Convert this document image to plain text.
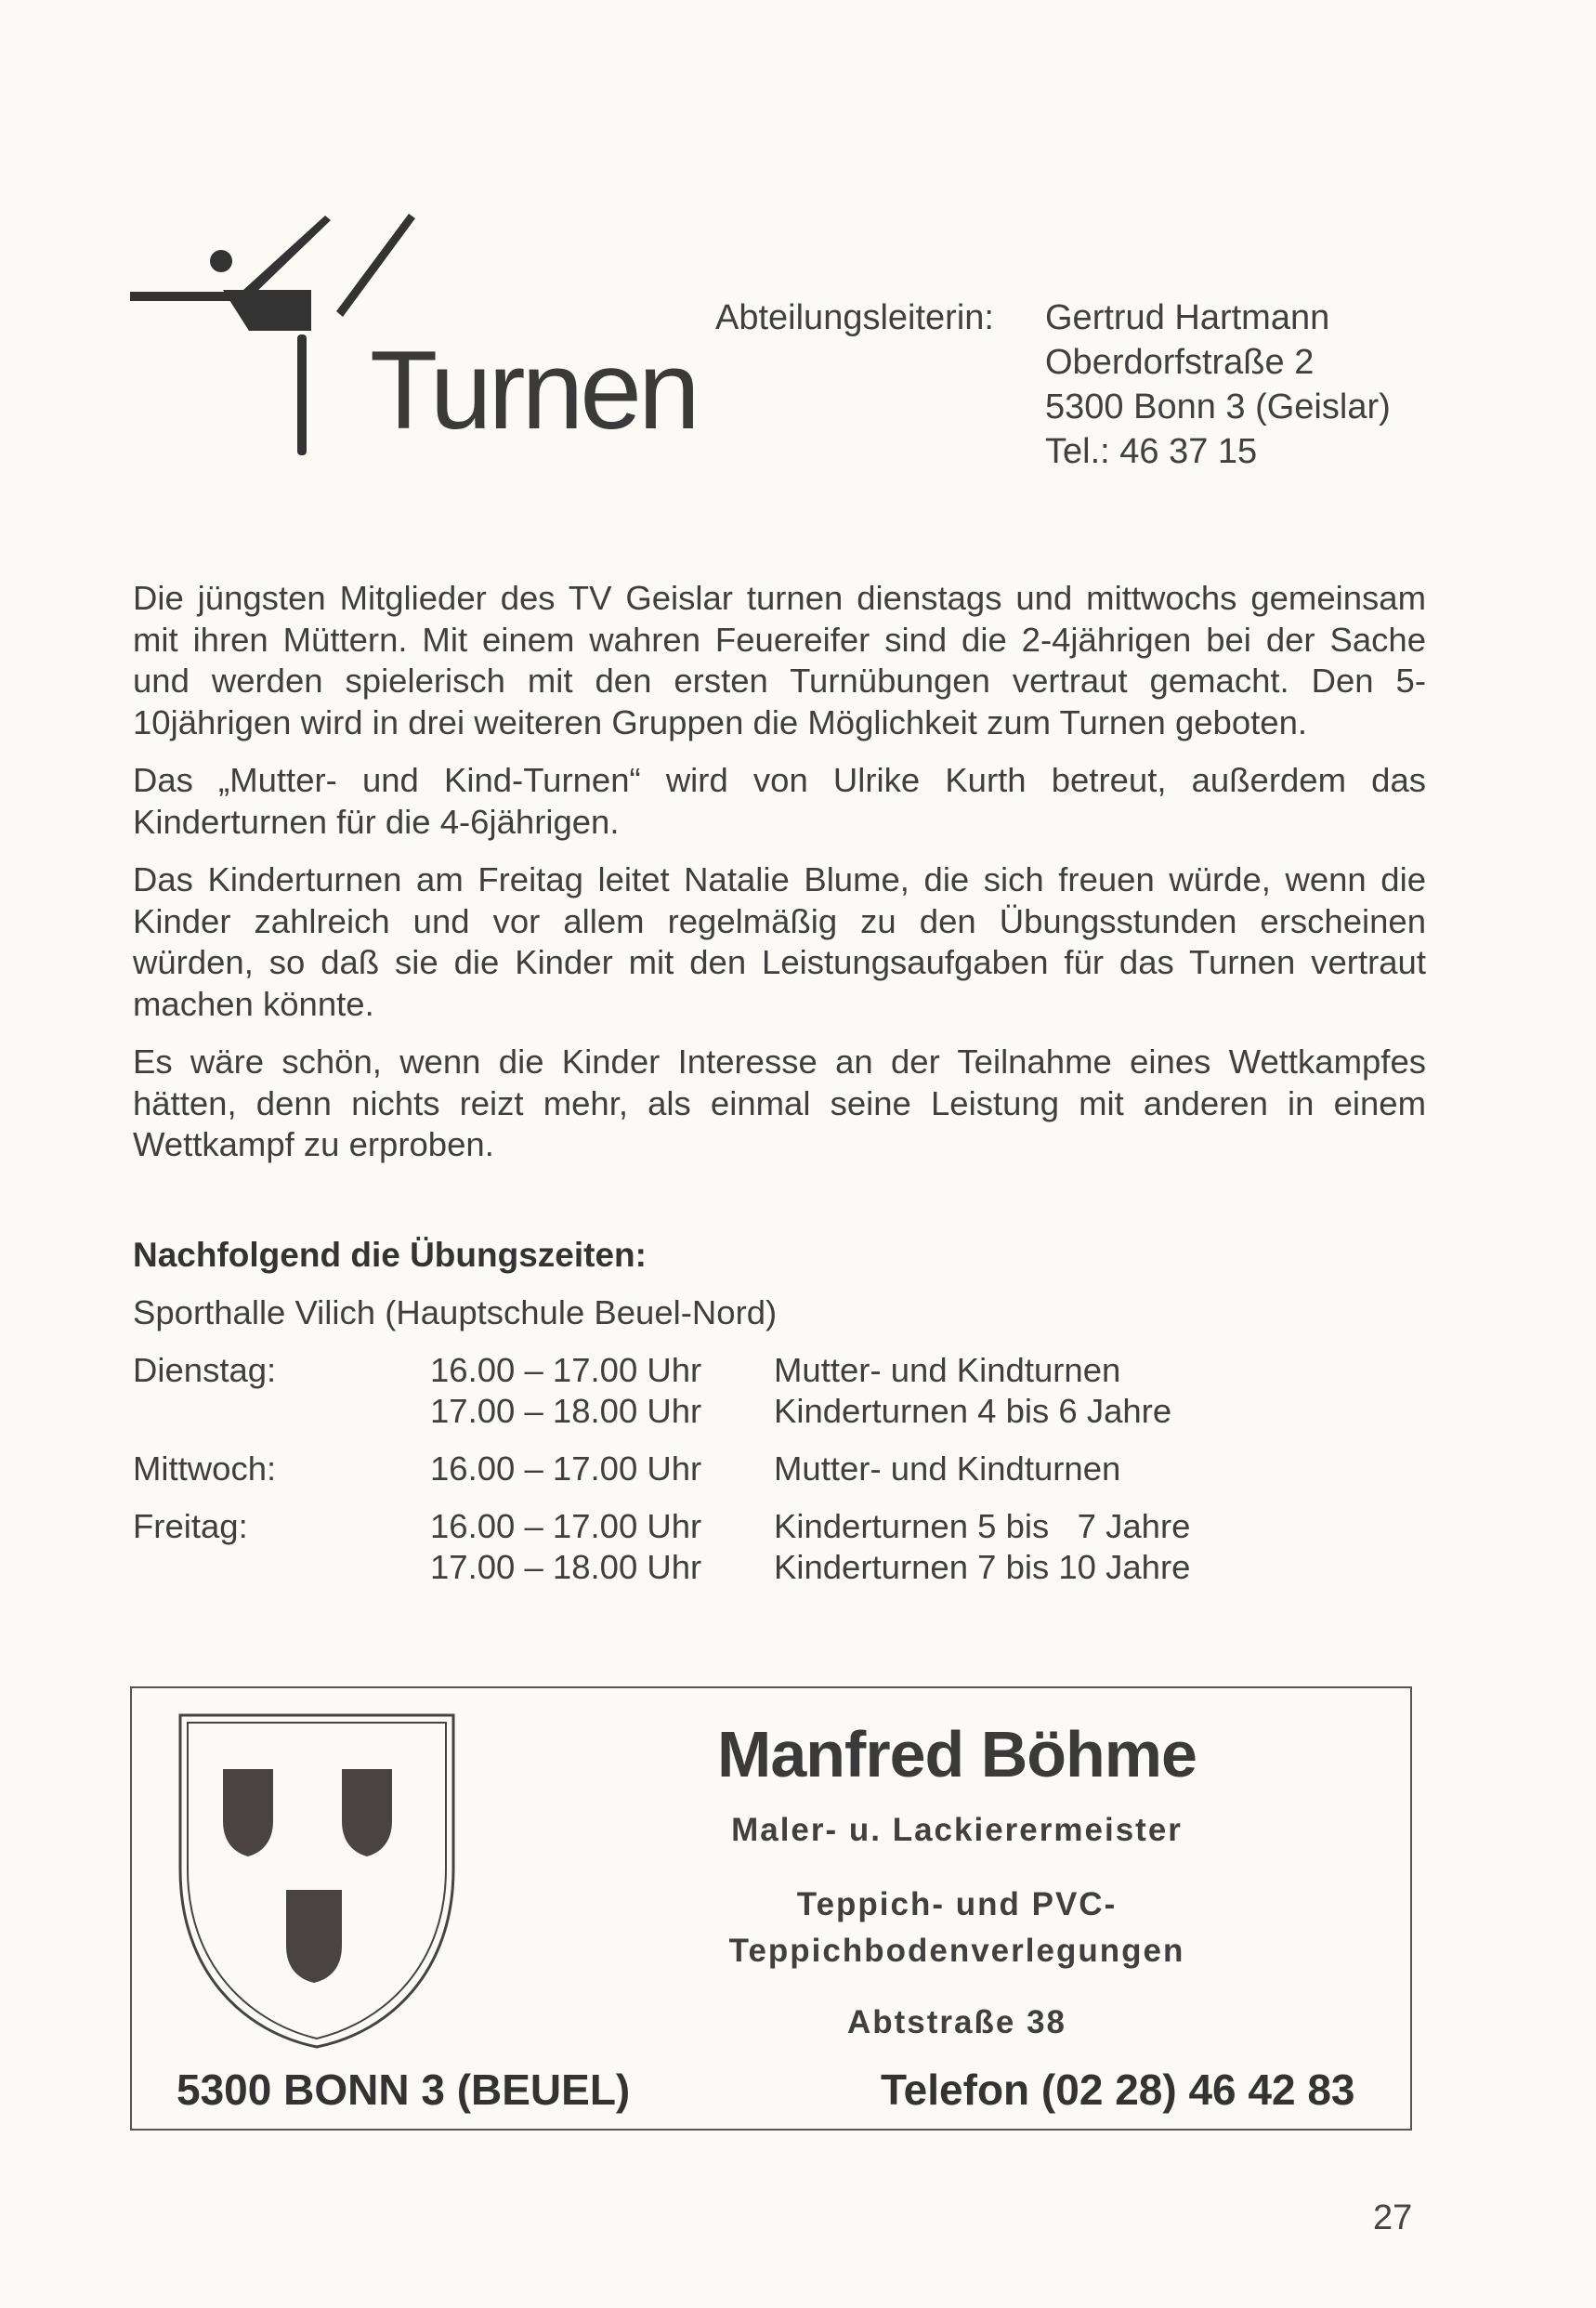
Turnen
Abteilungsleiterin:	Gertrud Hartmann
Oberdorfstraße 2
5300 Bonn 3 (Geislar)
Tel.: 46 37 15

Die jüngsten Mitglieder des TV Geislar turnen dienstags und mittwochs gemeinsam mit ihren Müttern. Mit einem wahren Feuereifer sind die 2-4jährigen bei der Sache und werden spielerisch mit den ersten Turnübungen vertraut gemacht. Den 5-10jährigen wird in drei weiteren Gruppen die Möglichkeit zum Turnen geboten.

Das „Mutter- und Kind-Turnen“ wird von Ulrike Kurth betreut, außerdem das Kinderturnen für die 4-6jährigen.

Das Kinderturnen am Freitag leitet Natalie Blume, die sich freuen würde, wenn die Kinder zahlreich und vor allem regelmäßig zu den Übungsstunden erscheinen würden, so daß sie die Kinder mit den Leistungsaufgaben für das Turnen vertraut machen könnte.

Es wäre schön, wenn die Kinder Interesse an der Teilnahme eines Wettkampfes hätten, denn nichts reizt mehr, als einmal seine Leistung mit anderen in einem Wettkampf zu erproben.

Nachfolgend die Übungszeiten:
Sporthalle Vilich (Hauptschule Beuel-Nord)
Dienstag:	16.00 – 17.00 Uhr	Mutter- und Kindturnen
17.00 – 18.00 Uhr	Kinderturnen 4 bis 6 Jahre
Mittwoch:	16.00 – 17.00 Uhr	Mutter- und Kindturnen
Freitag:	16.00 – 17.00 Uhr	Kinderturnen 5 bis   7 Jahre
17.00 – 18.00 Uhr	Kinderturnen 7 bis 10 Jahre
Manfred Böhme
Maler- u. Lackierermeister
Teppich- und PVC-
Teppichbodenverlegungen
Abtstraße 38
5300 BONN 3 (BEUEL)	Telefon (02 28) 46 42 83
27
